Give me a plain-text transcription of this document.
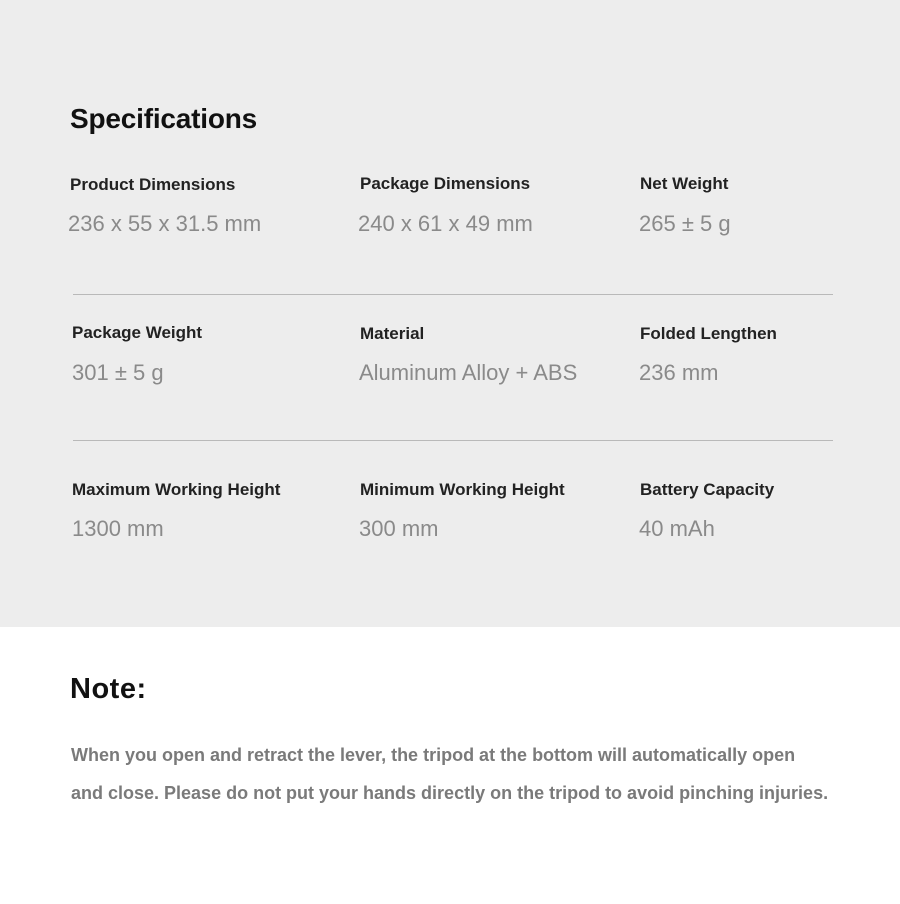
Specifications
Product Dimensions
236 x 55 x 31.5 mm
Package Dimensions
240 x 61 x 49 mm
Net Weight
265 ± 5 g
Package Weight
301 ± 5 g
Material
Aluminum Alloy + ABS
Folded Lengthen
236 mm
Maximum Working Height
1300 mm
Minimum Working Height
300 mm
Battery Capacity
40 mAh
Note:
When you open and retract the lever, the tripod at the bottom will automatically open
and close. Please do not put your hands directly on the tripod to avoid pinching injuries.
